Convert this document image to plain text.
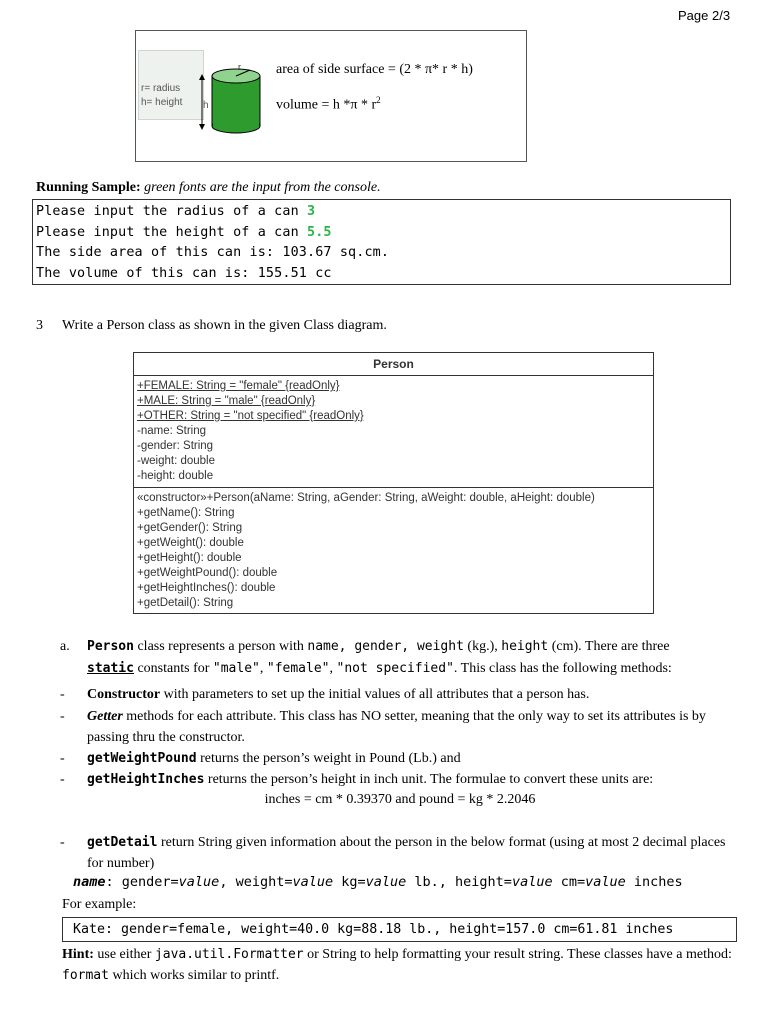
Page 2/3
r= radius
h= height h
r	area of side surface = (2 * π* r * h)
volume = h $*\pi * r^2$
Running Sample: green fonts are the input from the console.
Please input the radius of a can 3
Please input the height of a can 5.5
The side area of this can is: 103.67 sq.cm.
The volume of this can is: 155.51 cc
3 Write a Person class as shown in the given Class diagram.
Person
+FEMALE: String = "female" {readOnly}
+MALE: String = "male" {readOnly}
+OTHER: String = "not specified" {readOnly}
-name: String
-gender: String
-weight: double
-height: double
«constructor»+Person(aName: String, aGender: String, aWeight: double, aHeight: double)
+getName(): String
+getGender(): String
+getWeight(): double
+getHeight(): double
+getWeightPound(): double
+getHeightInches(): double
+getDetail(): String
a. Person class represents a person with name, gender, weight (kg.), height (cm). There are three
static constants for "male", "female", "not specified". This class has the following methods:
- Constructor with parameters to set up the initial values of all attributes that a person has.
- Getter methods for each attribute. This class has NO setter, meaning that the only way to set its attributes is by passing thru the constructor.
- getWeightPound returns the person’s weight in Pound (Lb.) and
- getHeightInches returns the person’s height in inch unit. The formulae to convert these units are:
inches = cm * 0.39370 and pound = kg * 2.2046
- getDetail return String given information about the person in the below format (using at most 2 decimal places for number)
name: gender=value, weight=value kg=value lb., height=value cm=value inches
For example:
Kate: gender=female, weight=40.0 kg=88.18 lb., height=157.0 cm=61.81 inches
Hint: use either java.util.Formatter or String to help formatting your result string. These classes have a method: format which works similar to printf.
